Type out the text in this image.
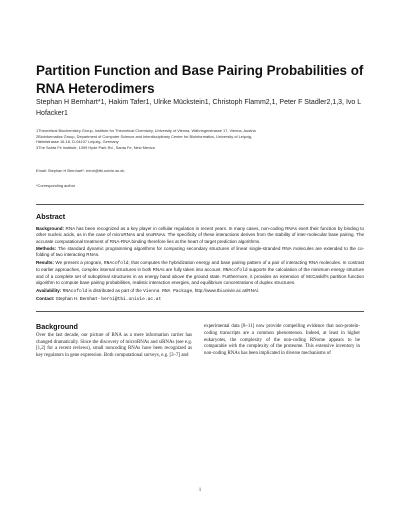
Partition Function and Base Pairing Probabilities of RNA Heterodimers
Stephan H Bernhart*1, Hakim Tafer1, Ulrike Mückstein1, Christoph Flamm2,1, Peter F Stadler2,1,3, Ivo L Hofacker1
1Theoretical Biochemistry Group, Institute for Theoretical Chemistry, University of Vienna, Währingerstrasse 17, Vienna, Austria
2Bioinformatics Group, Department of Computer Science and Interdisciplinary Center for Bioinformatics, University of Leipzig,
Härtelstrasse 16-18, D-04107 Leipzig, Germany
3The Santa Fe Institute, 1399 Hyde Park Rd., Santa Fe, New Mexico
Email: Stephan H Bernhart*- berni@tbi.univie.ac.at;
*Corresponding author
Abstract

Background: RNA has been recognized as a key player in cellular regulation in recent years. In many cases, non-coding RNAs exert their function by binding to other nucleic acids, as in the case of microRNAs and snoRNAs. The specificity of these interactions derives from the stability of inter-molecular base pairing. The accurate computational treatment of RNA-RNA binding therefore lies at the heart of target prediction algorithms.

Methods: The standard dynamic programming algorithms for computing secondary structures of linear single-stranded RNA molecules are extended to the co-folding of two interacting RNAs.

Results: We present a program, RNAcofold, that computes the hybridization energy and base pairing pattern of a pair of interacting RNA molecules. In contrast to earlier approaches, complex internal structures in both RNAs are fully taken into account. RNAcofold supports the calculation of the minimum energy structure and of a complete set of suboptimal structures in an energy band above the ground state. Furthermore, it provides an extension of McCaskill's partition function algorithm to compute base pairing probabilities, realistic interaction energies, and equilibrium concentrations of duplex structures.

Availability: RNAcofold is distributed as part of the Vienna RNA Package, http://www.tbi.univie.ac.at/RNA/.

Contact: Stephan H. Bernhart - berni@tbi.univie.ac.at

Background
Over the last decade, our picture of RNA as a mere information carrier has changed dramatically. Since the discovery of microRNAs and siRNAs (see e.g. [1,2] for a recent reviews), small noncoding RNAs have been recognized as key regulators in gene expression. Both computational surveys, e.g. [3–7] and
experimental data [8–11] now provide compelling evidence that non-protein-coding transcripts are a common phenomenon. Indeed, at least in higher eukaryotes, the complexity of the non-coding RNome appears to be comparable with the complexity of the proteome. This extensive inventory in non-coding RNAs has been implicated in diverse mechanisms of
1
